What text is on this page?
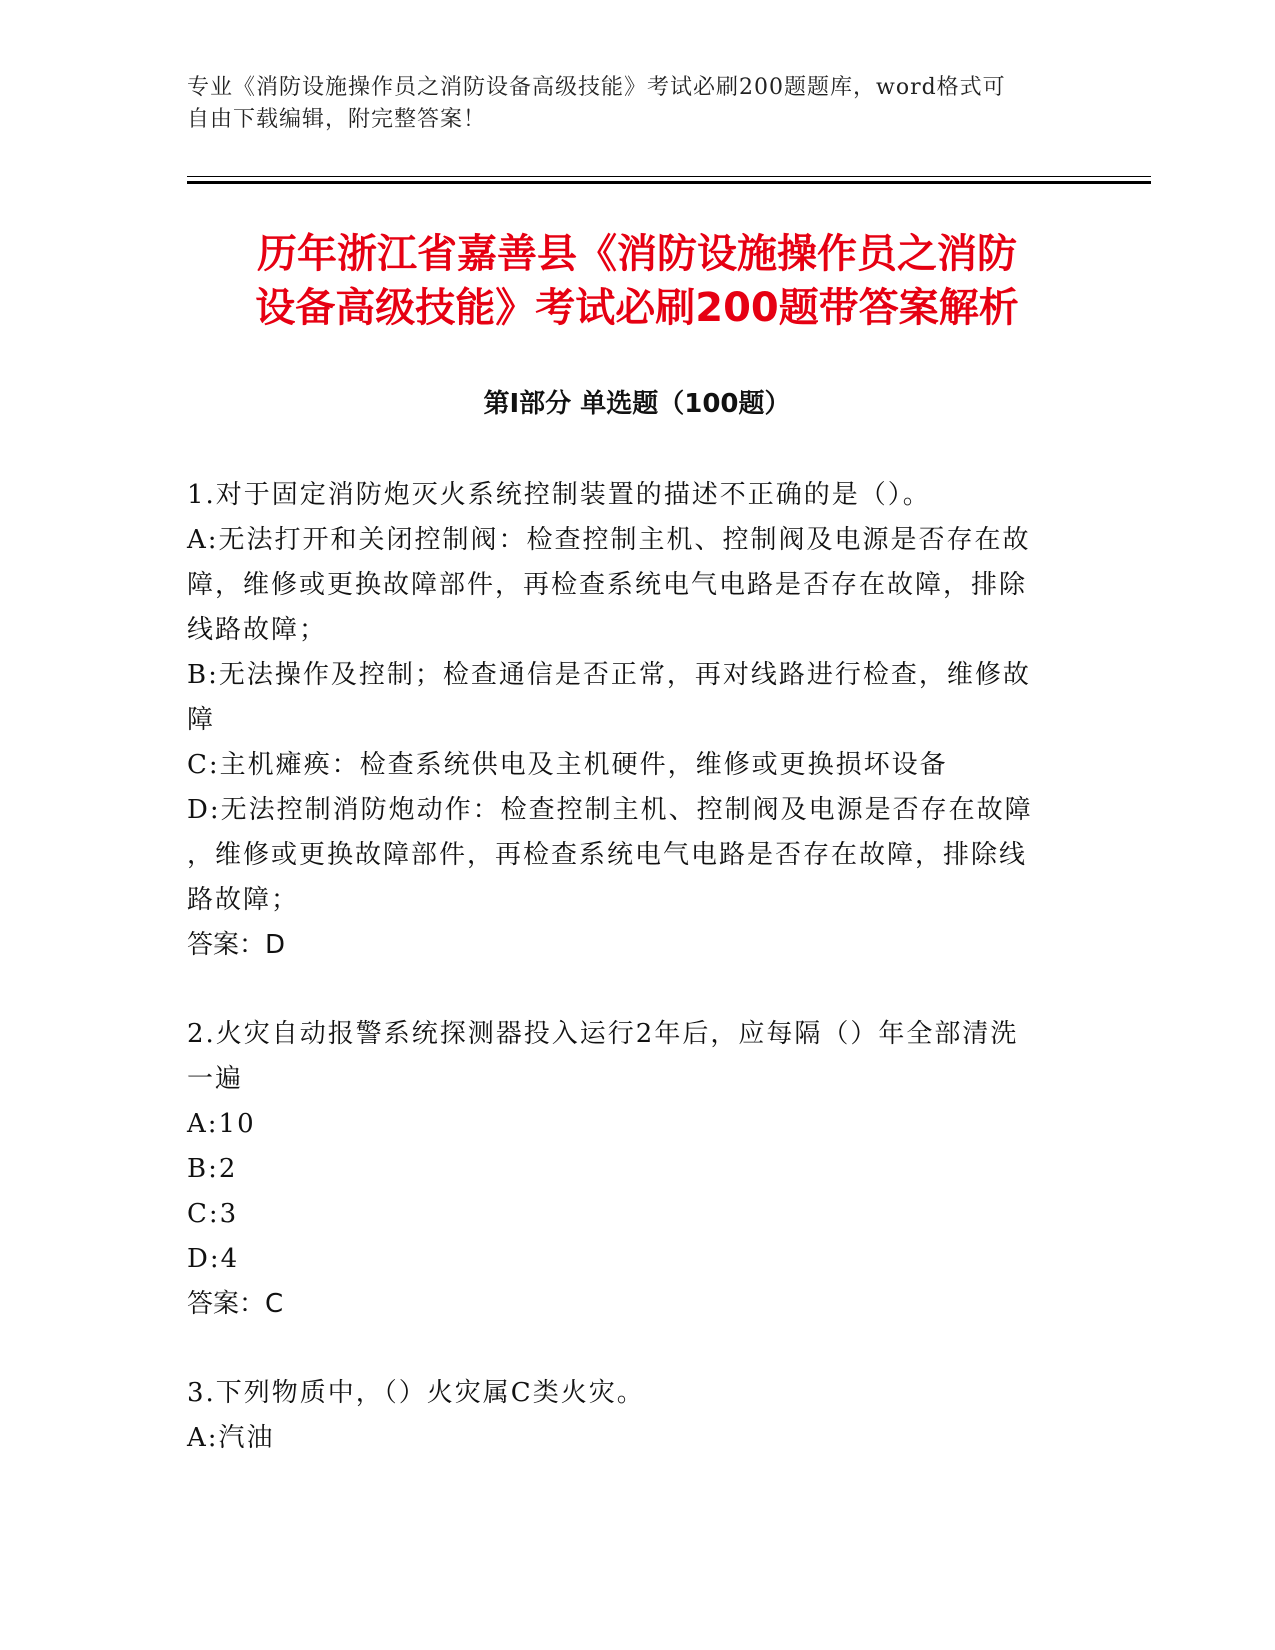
专业《消防设施操作员之消防设备高级技能》考试必刷200题题库，word格式可

自由下载编辑，附完整答案！

历年浙江省嘉善县《消防设施操作员之消防
设备高级技能》考试必刷200题带答案解析
第Ⅰ部分 单选题（100题）

1.对于固定消防炮灭火系统控制装置的描述不正确的是（）。

A:无法打开和关闭控制阀：检查控制主机、控制阀及电源是否存在故

障，维修或更换故障部件，再检查系统电气电路是否存在故障，排除

线路故障；

B:无法操作及控制；检查通信是否正常，再对线路进行检查，维修故

障

C:主机瘫痪：检查系统供电及主机硬件，维修或更换损坏设备

D:无法控制消防炮动作：检查控制主机、控制阀及电源是否存在故障

，维修或更换故障部件，再检查系统电气电路是否存在故障，排除线

路故障；

答案：D

2.火灾自动报警系统探测器投入运行2年后，应每隔（）年全部清洗

一遍

A:10

B:2

C:3

D:4

答案：C

3.下列物质中，（）火灾属C类火灾。

A:汽油
